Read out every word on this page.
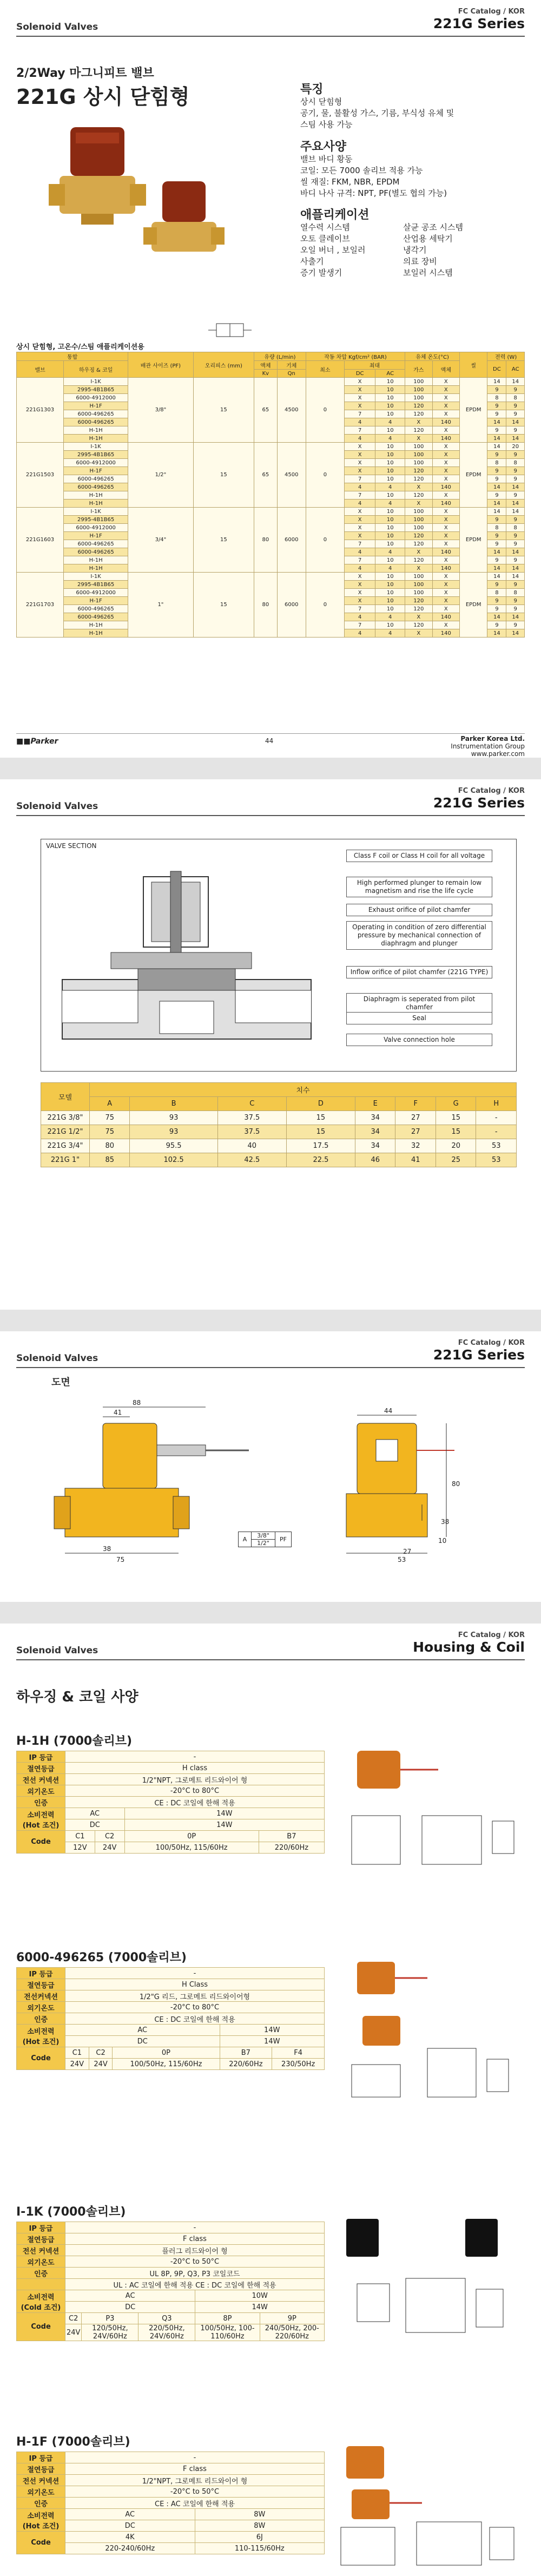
Solenoid Valves
FC Catalog / KOR
221G Series
2/2Way 마그니피트 밸브
221G 상시 닫힘형	특징
상시 닫힘형
공기, 물, 불활성 가스, 기름, 부식성 유체 및
스팀 사용 가능
주요사양
밸브 바디 황동
코일: 모든 7000 솔리브 적용 가능
씰 재질: FKM, NBR, EPDM
바디 나사 규격: NPT, PF(별도 협의 가능)
애플리케이션
열수력 시스템
오토 클레이브
오일 버너 , 보일러
사출기
증기 발생기
살균 공조 시스템
산업용 세탁기
냉각기
의료 장비
보일러 시스템
상시 닫힘형, 고온수/스팀 애플리케이션용
통합		배관 사이즈 (PF)	오리피스 (mm)	유량 (L/min)		작동 차압 Kgf/cm² (BAR)			유체 온도(°C)		씰	전력 (W)	
밸브	하우징 & 코일			액체	기체	최소	최대		가스	액체		DC	AC
				Kv	Qn		DC	AC					
221G1303	I-1K	3/8"	15	65	4500	0	X	10	100	X	EPDM	14	14
	2995-4B1B65						X	10	100	X		9	9
	6000-4912000						X	10	100	X		8	8
	H-1F						X	10	120	X		9	9
	6000-496265						7	10	120	X		9	9
	6000-496265						4	4	X	140		14	14
	H-1H						7	10	120	X		9	9
	H-1H						4	4	X	140		14	14
221G1503	I-1K	1/2"	15	65	4500	0	X	10	100	X	EPDM	14	20
	2995-4B1B65						X	10	100	X		9	9
	6000-4912000						X	10	100	X		8	8
	H-1F						X	10	120	X		9	9
	6000-496265						7	10	120	X		9	9
	6000-496265						4	4	X	140		14	14
	H-1H						7	10	120	X		9	9
	H-1H						4	4	X	140		14	14
221G1603	I-1K	3/4"	15	80	6000	0	X	10	100	X	EPDM	14	14
	2995-4B1B65						X	10	100	X		9	9
	6000-4912000						X	10	100	X		8	8
	H-1F						X	10	120	X		9	9
	6000-496265						7	10	120	X		9	9
	6000-496265						4	4	X	140		14	14
	H-1H						7	10	120	X		9	9
	H-1H						4	4	X	140		14	14
221G1703	I-1K	1"	15	80	6000	0	X	10	100	X	EPDM	14	14
	2995-4B1B65						X	10	100	X		9	9
	6000-4912000						X	10	100	X		8	8
	H-1F						X	10	120	X		9	9
	6000-496265						7	10	120	X		9	9
	6000-496265						4	4	X	140		14	14
	H-1H						7	10	120	X		9	9
	H-1H						4	4	X	140		14	14
■■Parker	44	Parker Korea Ltd.
Instrumentation Group
www.parker.com
Solenoid Valves
FC Catalog / KOR
221G Series
VALVE SECTION
Class F coil or Class H coil for all voltage
High performed plunger to remain low magnetism and rise the life cycle
Exhaust orifice of pilot chamfer
Operating in condition of zero differential pressure by mechanical connection of diaphragm and plunger
Inflow orifice of pilot chamfer (221G TYPE)
Diaphragm is seperated from pilot chamfer
Seal
Valve connection hole
모델	치수							
	A	B	C	D	E	F	G	H
221G 3/8"	75	93	37.5	15	34	27	15	-
221G 1/2"	75	93	37.5	15	34	27	15	-
221G 3/4"	80	95.5	40	17.5	34	32	20	53
221G 1"	85	102.5	42.5	22.5	46	41	25	53
Solenoid Valves
FC Catalog / KOR
221G Series
도면
88
41
38
75
44
80
38
10
27
53
A	3/8"	PF
1/2"
Solenoid Valves
FC Catalog / KOR
Housing & Coil
하우징 & 코일 사양
H-1H (7000솔리브)
IP 등급	-			
절연등급	H class			
전선 커넥션	1/2"NPT, 그로메트 리드와이어 형			
외기온도	-20°C to 80°C			
인증	CE : DC 코일에 한해 적용			
소비전력 (Hot 조건)	AC		14W	
	DC		14W	
Code	C1	C2	0P	B7
	12V	24V	100/50Hz, 115/60Hz	220/60Hz
6000-496265 (7000솔리브)
IP 등급	-				
절연등급	H Class				
전선커넥션	1/2"G 리드, 그로메트 리드와이어형				
외기온도	-20°C to 80°C				
인증	CE : DC 코일에 한해 적용				
소비전력 (Hot 조건)	AC			14W	
	DC			14W	
Code	C1	C2	0P	B7	F4
	24V	24V	100/50Hz, 115/60Hz	220/60Hz	230/50Hz
I-1K (7000솔리브)
IP 등급	-				
절연등급	F class				
전선 커넥션	플러그 리드와이어 형				
외기온도	-20°C to 50°C				
인증	UL 8P, 9P, Q3, P3 코일코드				
	UL : AC 코일에 한해 적용 CE : DC 코일에 한해 적용				
소비전력 (Cold 조건)	AC			10W	
	DC			14W	
Code	C2	P3	Q3	8P	9P
	24V	120/50Hz, 24V/60Hz	220/50Hz, 24V/60Hz	100/50Hz, 100-110/60Hz	240/50Hz, 200-220/60Hz
H-1F (7000솔리브)
IP 등급	-	
절연등급	F class	
전선 커넥션	1/2"NPT, 그로메트 리드와이어 형	
외기온도	-20°C to 50°C	
인증	CE : AC 코일에 한해 적용	
소비전력 (Hot 조건)	AC	8W
	DC	8W
Code	4K	6J
	220-240/60Hz	110-115/60Hz
